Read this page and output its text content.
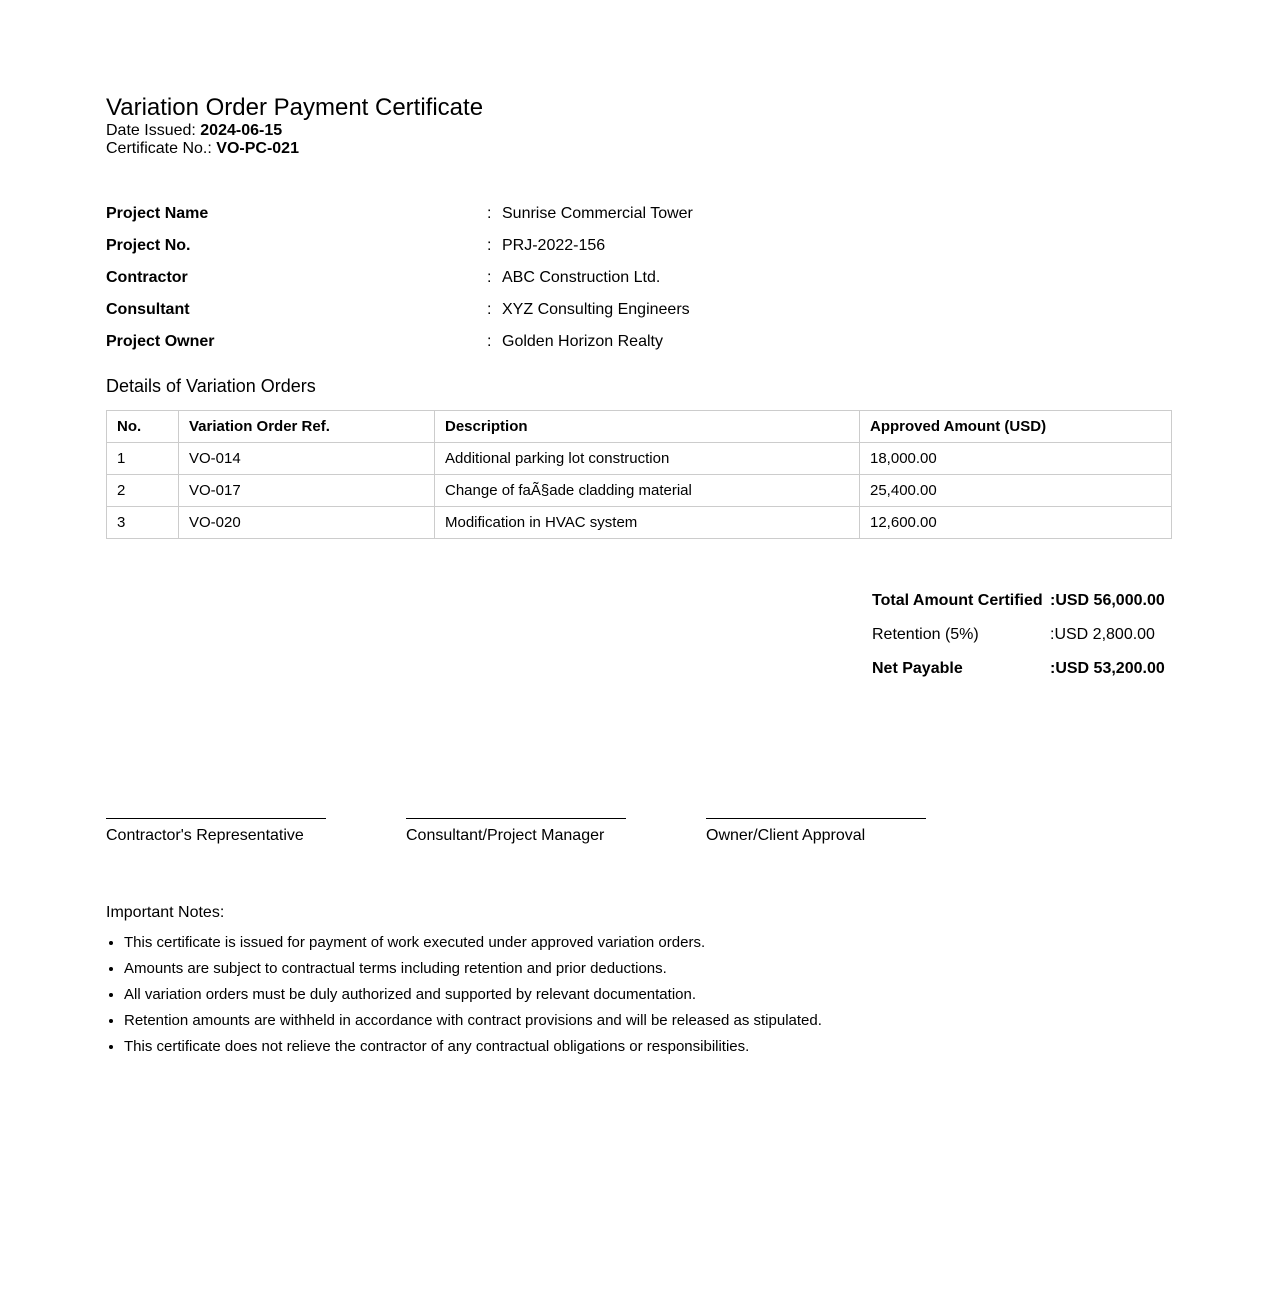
Variation Order Payment Certificate
Date Issued: 2024-06-15
Certificate No.: VO-PC-021
Project Name	:	Sunrise Commercial Tower
Project No.	:	PRJ-2022-156
Contractor	:	ABC Construction Ltd.
Consultant	:	XYZ Consulting Engineers
Project Owner	:	Golden Horizon Realty
Details of Variation Orders
No.	Variation Order Ref.	Description	Approved Amount (USD)
1	VO-014	Additional parking lot construction	18,000.00
2	VO-017	Change of faÃ§ade cladding material	25,400.00
3	VO-020	Modification in HVAC system	12,600.00
Total Amount Certified	:USD 56,000.00
Retention (5%)	:USD 2,800.00
Net Payable	:USD 53,200.00
Contractor's Representative	Consultant/Project Manager	Owner/Client Approval
Important Notes:
• This certificate is issued for payment of work executed under approved variation orders.
• Amounts are subject to contractual terms including retention and prior deductions.
• All variation orders must be duly authorized and supported by relevant documentation.
• Retention amounts are withheld in accordance with contract provisions and will be released as stipulated.
• This certificate does not relieve the contractor of any contractual obligations or responsibilities.
